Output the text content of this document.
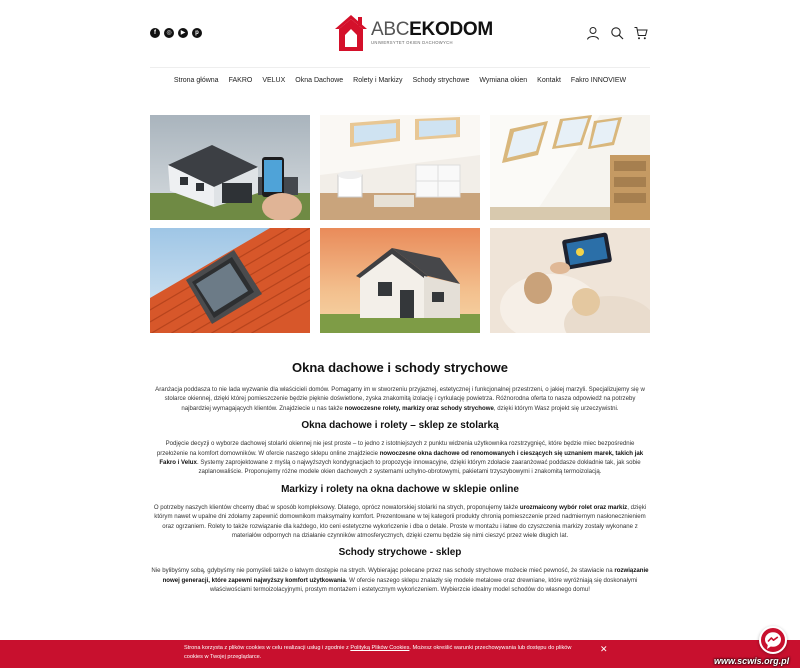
f	◎	▶	p	ABCEKODOM
UNIWERSYTET OKIEN DACHOWYCH
Strona główna FAKRO VELUX Okna Dachowe Rolety i Markizy Schody strychowe Wymiana okien Kontakt Fakro INNOVIEW
Okna dachowe i schody strychowe

Aranżacja poddasza to nie lada wyzwanie dla właścicieli domów. Pomagamy im w stworzeniu przyjaznej, estetycznej i funkcjonalnej przestrzeni, o jakiej marzyli. Specjalizujemy się w stolarce okiennej, dzięki której pomieszczenie będzie pięknie doświetlone, zyska znakomitą izolację i cyrkulację powietrza. Różnorodna oferta to nasza odpowiedź na potrzeby najbardziej wymagających klientów. Znajdziecie u nas także nowoczesne rolety, markizy oraz schody strychowe, dzięki którym Wasz projekt się urzeczywistni.

Okna dachowe i rolety – sklep ze stolarką

Podjęcie decyzji o wyborze dachowej stolarki okiennej nie jest proste – to jedno z istotniejszych z punktu widzenia użytkownika rozstrzygnięć, które będzie miec bezpośrednie przełożenie na komfort domowników. W ofercie naszego sklepu online znajdziecie nowoczesne okna dachowe od renomowanych i cieszących się uznaniem marek, takich jak Fakro i Velux. Systemy zaprojektowane z myślą o najwyższych kondygnacjach to propozycje innowacyjne, dzięki którym zdołacie zaaranżować poddasze dokładnie tak, jak sobie zaplanowaliście. Proponujemy różne modele okien dachowych z systemami uchylno-obrotowymi, pakietami trzyszybowymi i znakomitą termoizolacją.

Markizy i rolety na okna dachowe w sklepie online

O potrzeby naszych klientów chcemy dbać w sposób kompleksowy. Dlatego, oprócz nowatorskiej stolarki na strych, proponujemy także urozmaicony wybór rolet oraz markiz, dzięki którym nawet w upalne dni zdołamy zapewnić domownikom maksymalny komfort. Prezentowane w tej kategorii produkty chronią pomieszczenie przed nadmiernym nasłonecznieniem oraz ogrzaniem. Rolety to także rozwiązanie dla każdego, kto ceni estetyczne wykończenie i dba o detale. Proste w montażu i łatwe do czyszczenia markizy zostały wykonane z materiałów odpornych na działanie czynników atmosferycznych, dzięki czemu będzie się nimi cieszyć przez wiele długich lat.

Schody strychowe - sklep

Nie bylibyśmy sobą, gdybyśmy nie pomyśleli także o łatwym dostępie na strych. Wybierając polecane przez nas schody strychowe możecie mieć pewność, że stawiacie na rozwiązanie nowej generacji, które zapewni najwyższy komfort użytkowania. W ofercie naszego sklepu znalazły się modele metalowe oraz drewniane, które wyróżniają się doskonałymi właściwościami termoizolacyjnymi, prostym montażem i estetycznym wykończeniem. Wybierzcie idealny model schodów do własnego domu!

Strona korzysta z plików cookies w celu realizacji usług i zgodnie z Polityką Plików Cookies. Możesz określić warunki przechowywania lub dostępu do plików cookies w Twojej przeglądarce.
✕
www.scwis.org.pl
